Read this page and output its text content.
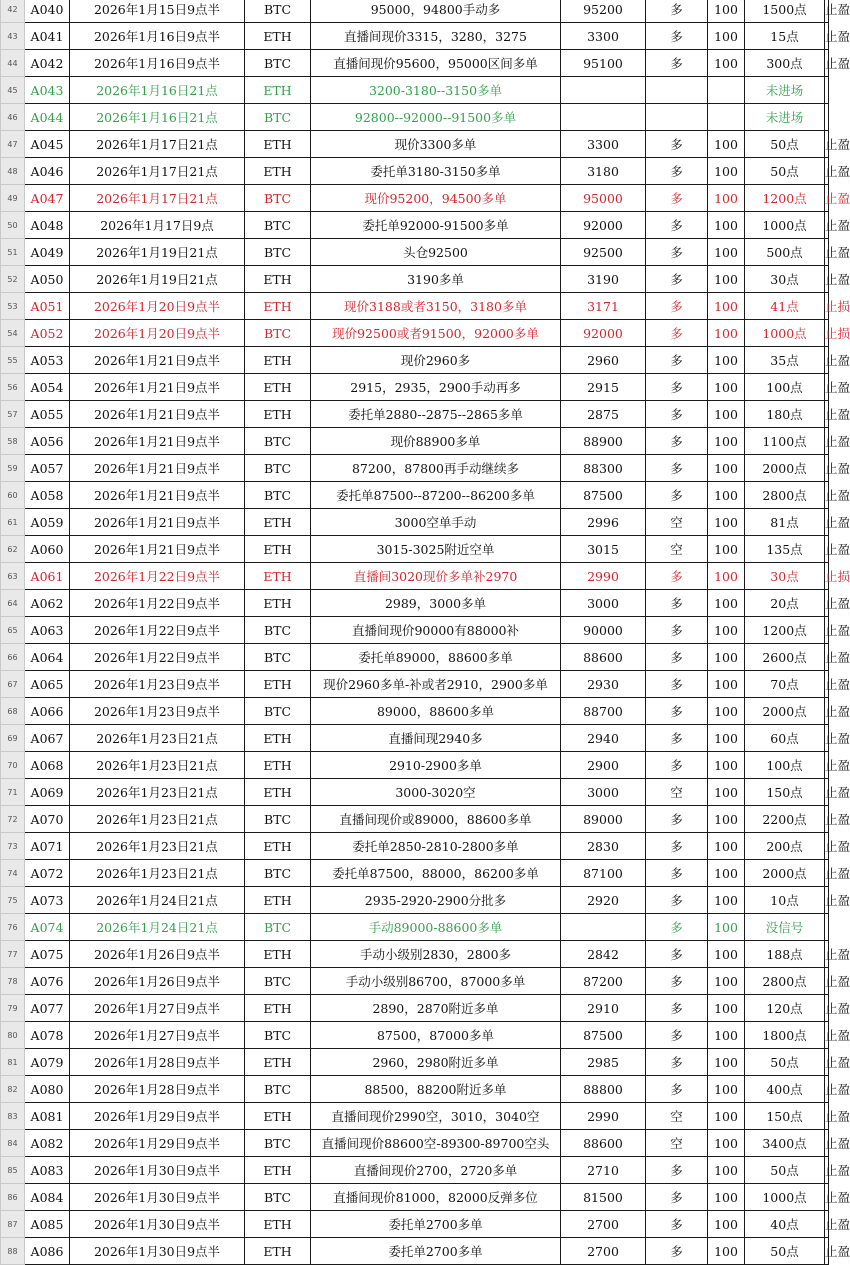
42	A040	2026年1月15日9点半	BTC	95000，94800手动多	95200	多	100	1500点	止盈
43	A041	2026年1月16日9点半	ETH	直播间现价3315，3280，3275	3300	多	100	15点	止盈
44	A042	2026年1月16日9点半	BTC	直播间现价95600，95000区间多单	95100	多	100	300点	止盈
45	A043	2026年1月16日21点	ETH	3200-3180--3150多单				未进场	
46	A044	2026年1月16日21点	BTC	92800--92000--91500多单				未进场	
47	A045	2026年1月17日21点	ETH	现价3300多单	3300	多	100	50点	止盈
48	A046	2026年1月17日21点	ETH	委托单3180-3150多单	3180	多	100	50点	止盈
49	A047	2026年1月17日21点	BTC	现价95200，94500多单	95000	多	100	1200点	止盈
50	A048	2026年1月17日9点	BTC	委托单92000-91500多单	92000	多	100	1000点	止盈
51	A049	2026年1月19日21点	BTC	头仓92500	92500	多	100	500点	止盈
52	A050	2026年1月19日21点	ETH	3190多单	3190	多	100	30点	止盈
53	A051	2026年1月20日9点半	ETH	现价3188或者3150，3180多单	3171	多	100	41点	止损
54	A052	2026年1月20日9点半	BTC	现价92500或者91500，92000多单	92000	多	100	1000点	止损
55	A053	2026年1月21日9点半	ETH	现价2960多	2960	多	100	35点	止盈
56	A054	2026年1月21日9点半	ETH	2915，2935，2900手动再多	2915	多	100	100点	止盈
57	A055	2026年1月21日9点半	ETH	委托单2880--2875--2865多单	2875	多	100	180点	止盈
58	A056	2026年1月21日9点半	BTC	现价88900多单	88900	多	100	1100点	止盈
59	A057	2026年1月21日9点半	BTC	87200，87800再手动继续多	88300	多	100	2000点	止盈
60	A058	2026年1月21日9点半	BTC	委托单87500--87200--86200多单	87500	多	100	2800点	止盈
61	A059	2026年1月21日9点半	ETH	3000空单手动	2996	空	100	81点	止盈
62	A060	2026年1月21日9点半	ETH	3015-3025附近空单	3015	空	100	135点	止盈
63	A061	2026年1月22日9点半	ETH	直播间3020现价多单补2970	2990	多	100	30点	止损
64	A062	2026年1月22日9点半	ETH	2989，3000多单	3000	多	100	20点	止盈
65	A063	2026年1月22日9点半	BTC	直播间现价90000有88000补	90000	多	100	1200点	止盈
66	A064	2026年1月22日9点半	BTC	委托单89000，88600多单	88600	多	100	2600点	止盈
67	A065	2026年1月23日9点半	ETH	现价2960多单-补或者2910，2900多单	2930	多	100	70点	止盈
68	A066	2026年1月23日9点半	BTC	89000，88600多单	88700	多	100	2000点	止盈
69	A067	2026年1月23日21点	ETH	直播间现2940多	2940	多	100	60点	止盈
70	A068	2026年1月23日21点	ETH	2910-2900多单	2900	多	100	100点	止盈
71	A069	2026年1月23日21点	ETH	3000-3020空	3000	空	100	150点	止盈
72	A070	2026年1月23日21点	BTC	直播间现价或89000，88600多单	89000	多	100	2200点	止盈
73	A071	2026年1月23日21点	ETH	委托单2850-2810-2800多单	2830	多	100	200点	止盈
74	A072	2026年1月23日21点	BTC	委托单87500，88000，86200多单	87100	多	100	2000点	止盈
75	A073	2026年1月24日21点	ETH	2935-2920-2900分批多	2920	多	100	10点	止盈
76	A074	2026年1月24日21点	BTC	手动89000-88600多单		多	100	没信号	
77	A075	2026年1月26日9点半	ETH	手动小级别2830，2800多	2842	多	100	188点	止盈
78	A076	2026年1月26日9点半	BTC	手动小级别86700，87000多单	87200	多	100	2800点	止盈
79	A077	2026年1月27日9点半	ETH	2890，2870附近多单	2910	多	100	120点	止盈
80	A078	2026年1月27日9点半	BTC	87500，87000多单	87500	多	100	1800点	止盈
81	A079	2026年1月28日9点半	ETH	2960，2980附近多单	2985	多	100	50点	止盈
82	A080	2026年1月28日9点半	BTC	88500，88200附近多单	88800	多	100	400点	止盈
83	A081	2026年1月29日9点半	ETH	直播间现价2990空，3010，3040空	2990	空	100	150点	止盈
84	A082	2026年1月29日9点半	BTC	直播间现价88600空-89300-89700空头	88600	空	100	3400点	止盈
85	A083	2026年1月30日9点半	ETH	直播间现价2700，2720多单	2710	多	100	50点	止盈
86	A084	2026年1月30日9点半	BTC	直播间现价81000，82000反弹多位	81500	多	100	1000点	止盈
87	A085	2026年1月30日9点半	ETH	委托单2700多单	2700	多	100	40点	止盈
88	A086	2026年1月30日9点半	ETH	委托单2700多单	2700	多	100	50点	止盈
